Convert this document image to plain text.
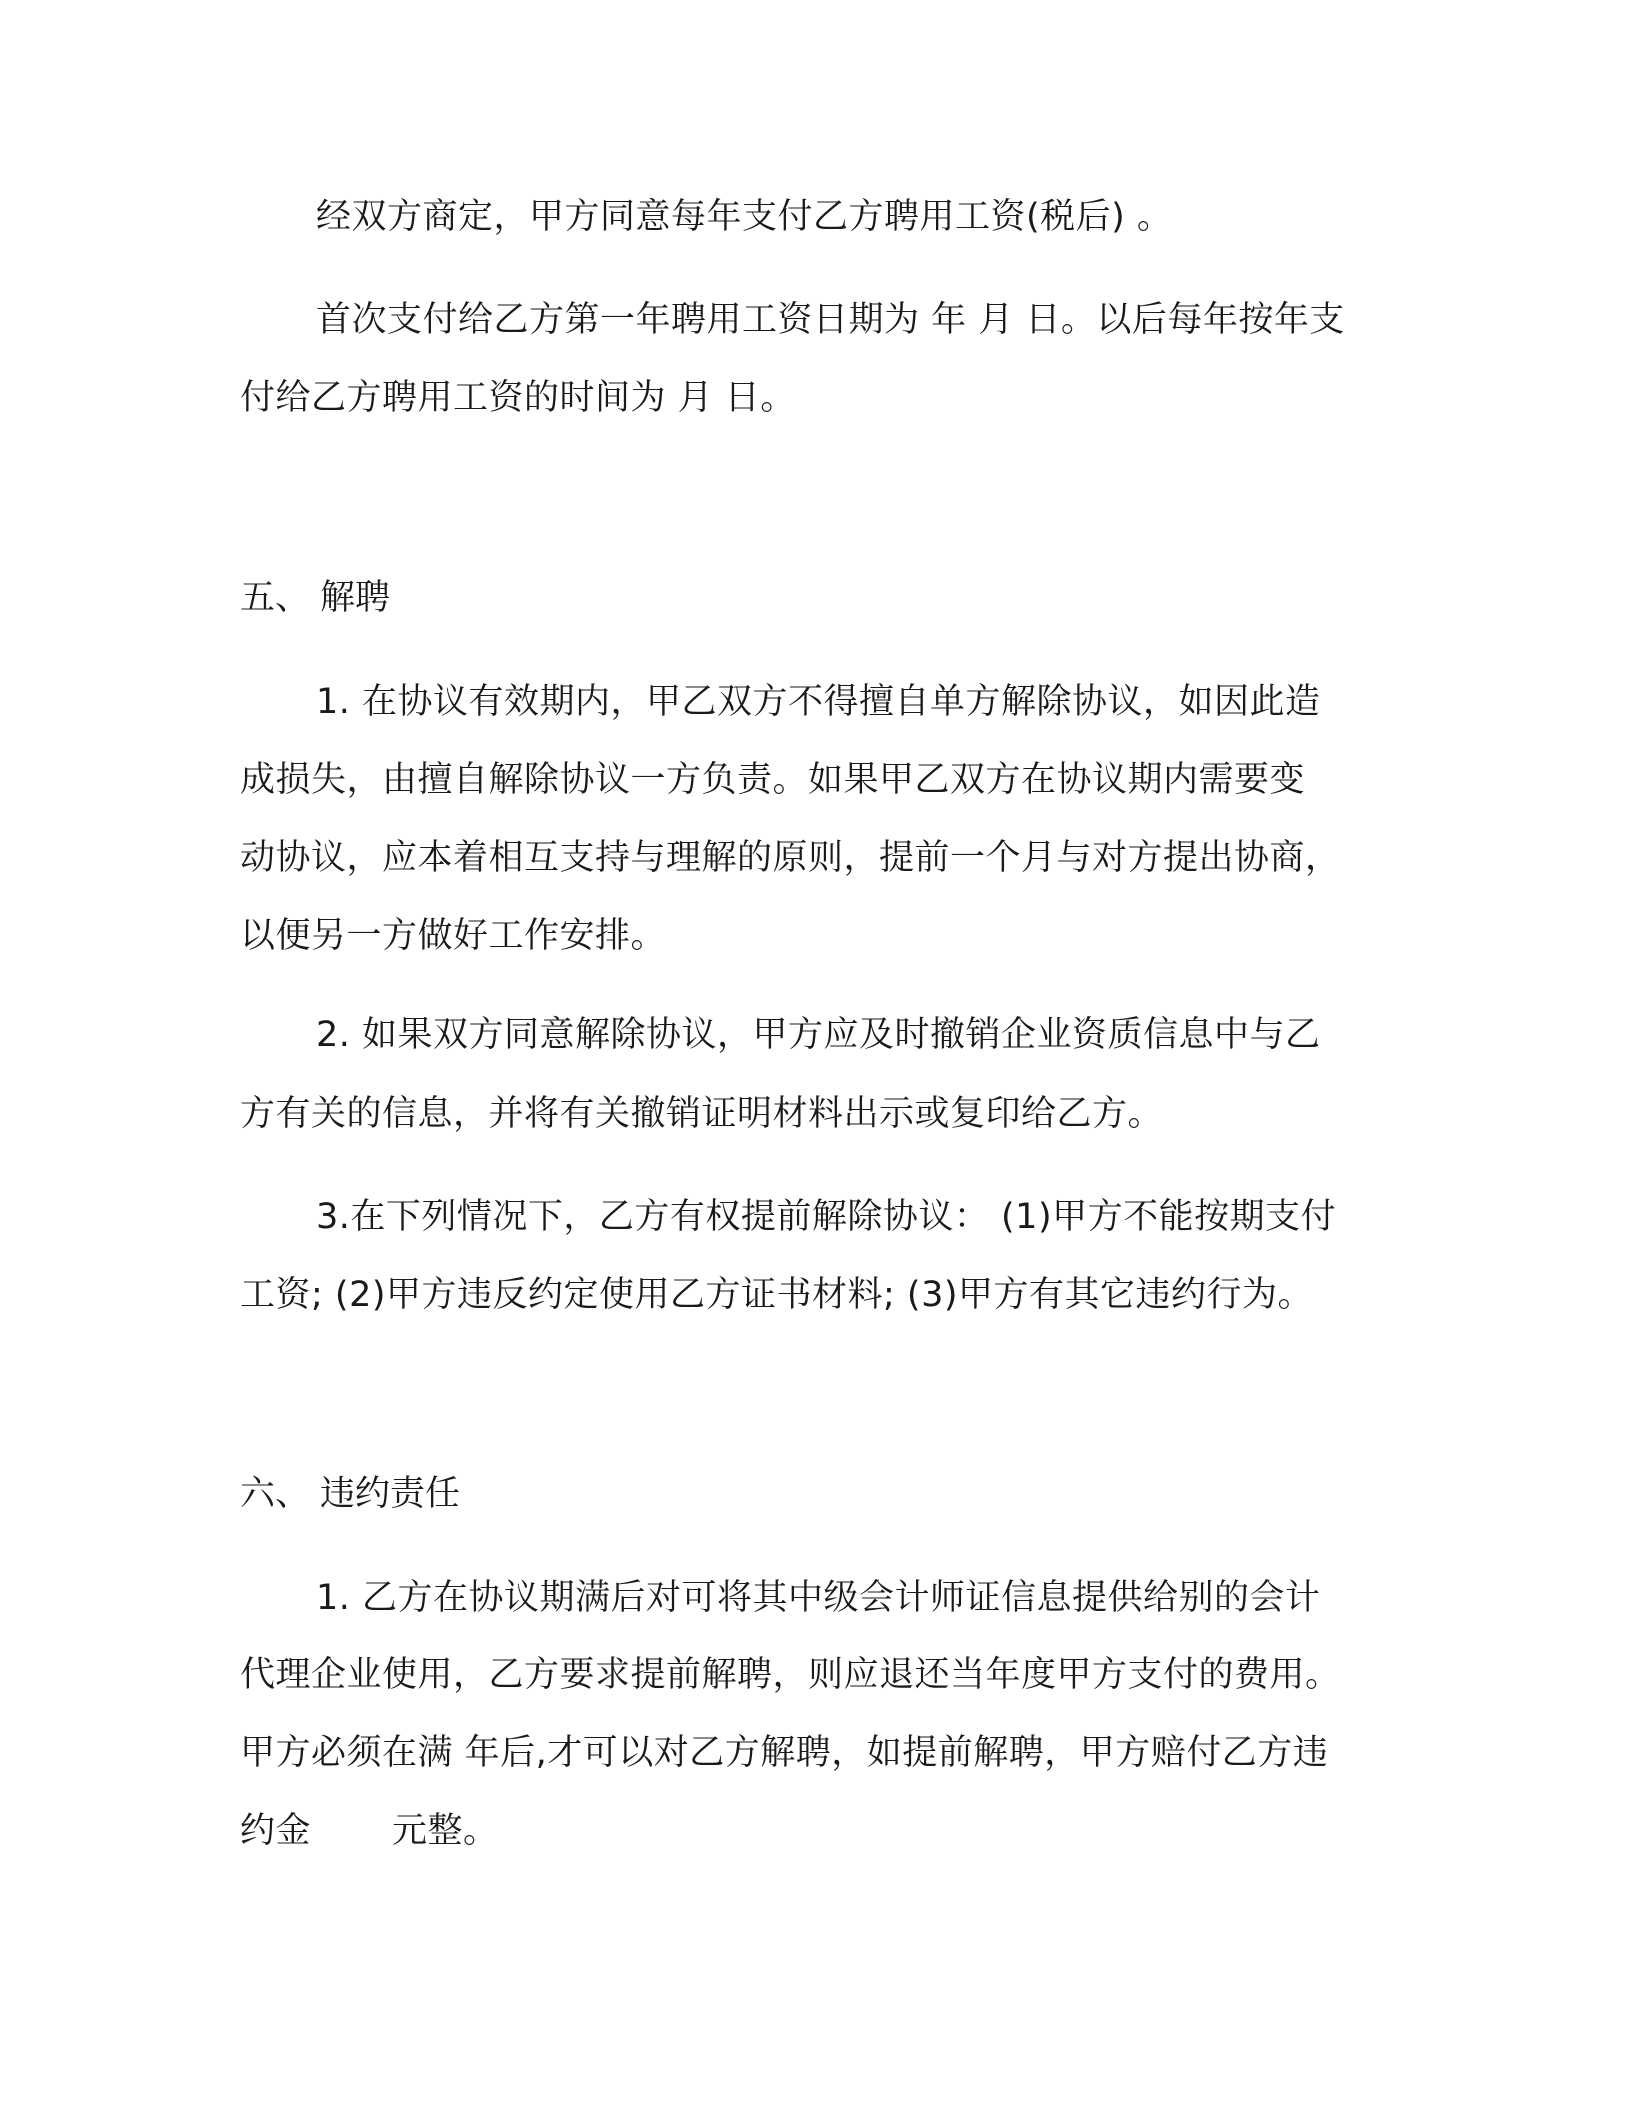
经双方商定，甲方同意每年支付乙方聘用工资(税后) 。
首次支付给乙方第一年聘用工资日期为 年 月 日。以后每年按年支
付给乙方聘用工资的时间为 月 日。
五、 解聘
1. 在协议有效期内，甲乙双方不得擅自单方解除协议，如因此造
成损失，由擅自解除协议一方负责。如果甲乙双方在协议期内需要变
动协议，应本着相互支持与理解的原则，提前一个月与对方提出协商，
以便另一方做好工作安排。
2. 如果双方同意解除协议，甲方应及时撤销企业资质信息中与乙
方有关的信息，并将有关撤销证明材料出示或复印给乙方。
3.在下列情况下，乙方有权提前解除协议： (1)甲方不能按期支付
工资; (2)甲方违反约定使用乙方证书材料; (3)甲方有其它违约行为。
六、 违约责任
1. 乙方在协议期满后对可将其中级会计师证信息提供给别的会计
代理企业使用，乙方要求提前解聘，则应退还当年度甲方支付的费用。
甲方必须在满 年后,才可以对乙方解聘，如提前解聘，甲方赔付乙方违
约金 元整。
